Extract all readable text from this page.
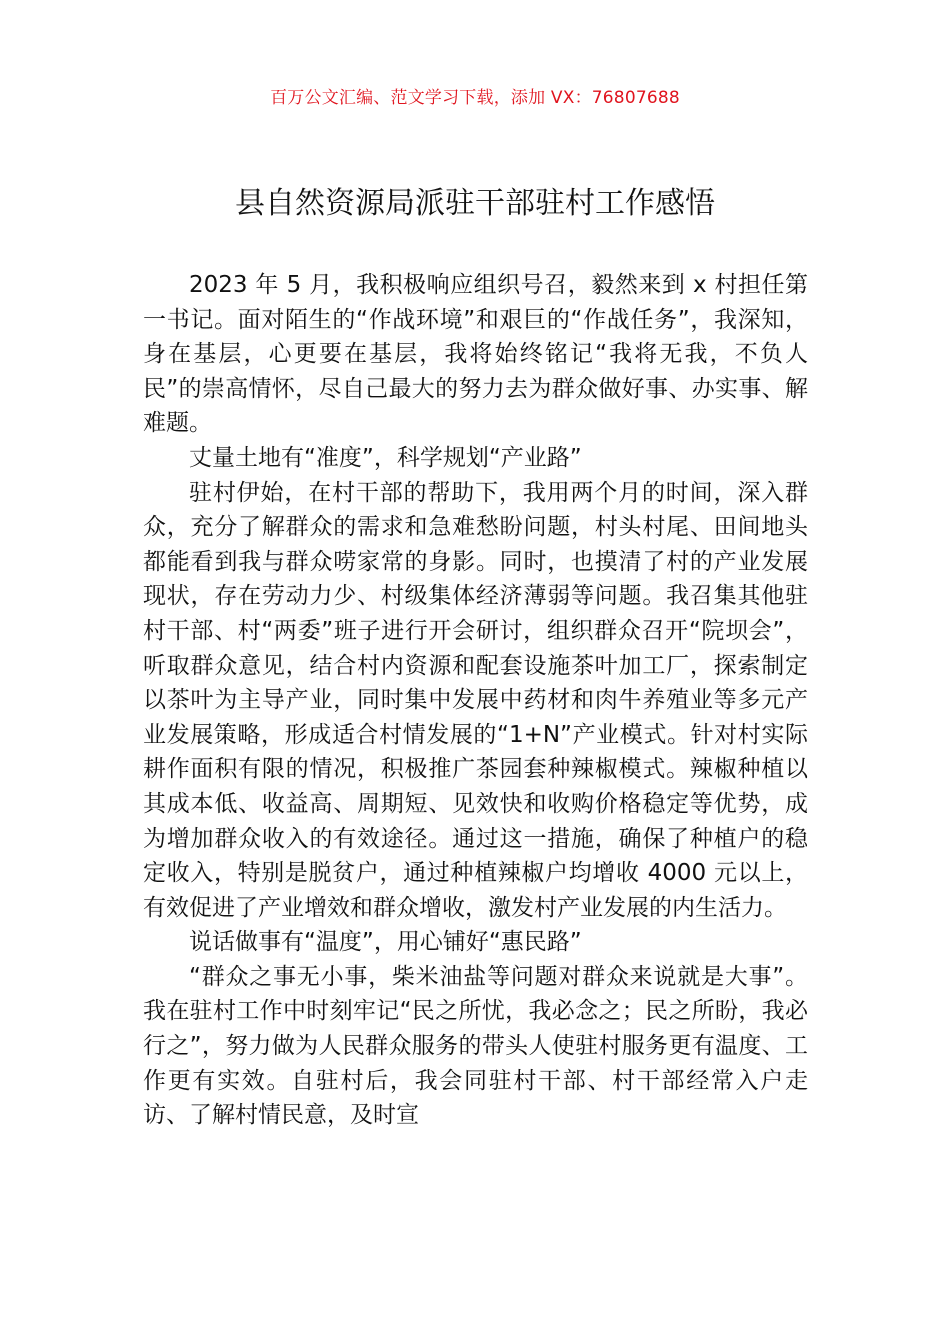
百万公文汇编、范文学习下载，添加 VX：76807688
县自然资源局派驻干部驻村工作感悟

2023 年 5 月，我积极响应组织号召，毅然来到 x 村担任第一书记。面对陌生的“作战环境”和艰巨的“作战任务”，我深知，身在基层，心更要在基层，我将始终铭记“我将无我，不负人民”的崇高情怀，尽自己最大的努力去为群众做好事、办实事、解难题。

丈量土地有“准度”，科学规划“产业路”

驻村伊始，在村干部的帮助下，我用两个月的时间，深入群众，充分了解群众的需求和急难愁盼问题，村头村尾、田间地头都能看到我与群众唠家常的身影。同时，也摸清了村的产业发展现状，存在劳动力少、村级集体经济薄弱等问题。我召集其他驻村干部、村“两委”班子进行开会研讨，组织群众召开“院坝会”，听取群众意见，结合村内资源和配套设施茶叶加工厂，探索制定以茶叶为主导产业，同时集中发展中药材和肉牛养殖业等多元产业发展策略，形成适合村情发展的“1+N”产业模式。针对村实际耕作面积有限的情况，积极推广茶园套种辣椒模式。辣椒种植以其成本低、收益高、周期短、见效快和收购价格稳定等优势，成为增加群众收入的有效途径。通过这一措施，确保了种植户的稳定收入，特别是脱贫户，通过种植辣椒户均增收 4000 元以上，有效促进了产业增效和群众增收，激发村产业发展的内生活力。

说话做事有“温度”，用心铺好“惠民路”

“群众之事无小事，柴米油盐等问题对群众来说就是大事”。我在驻村工作中时刻牢记“民之所忧，我必念之；民之所盼，我必行之”，努力做为人民群众服务的带头人使驻村服务更有温度、工作更有实效。自驻村后，我会同驻村干部、村干部经常入户走访、了解村情民意，及时宣
